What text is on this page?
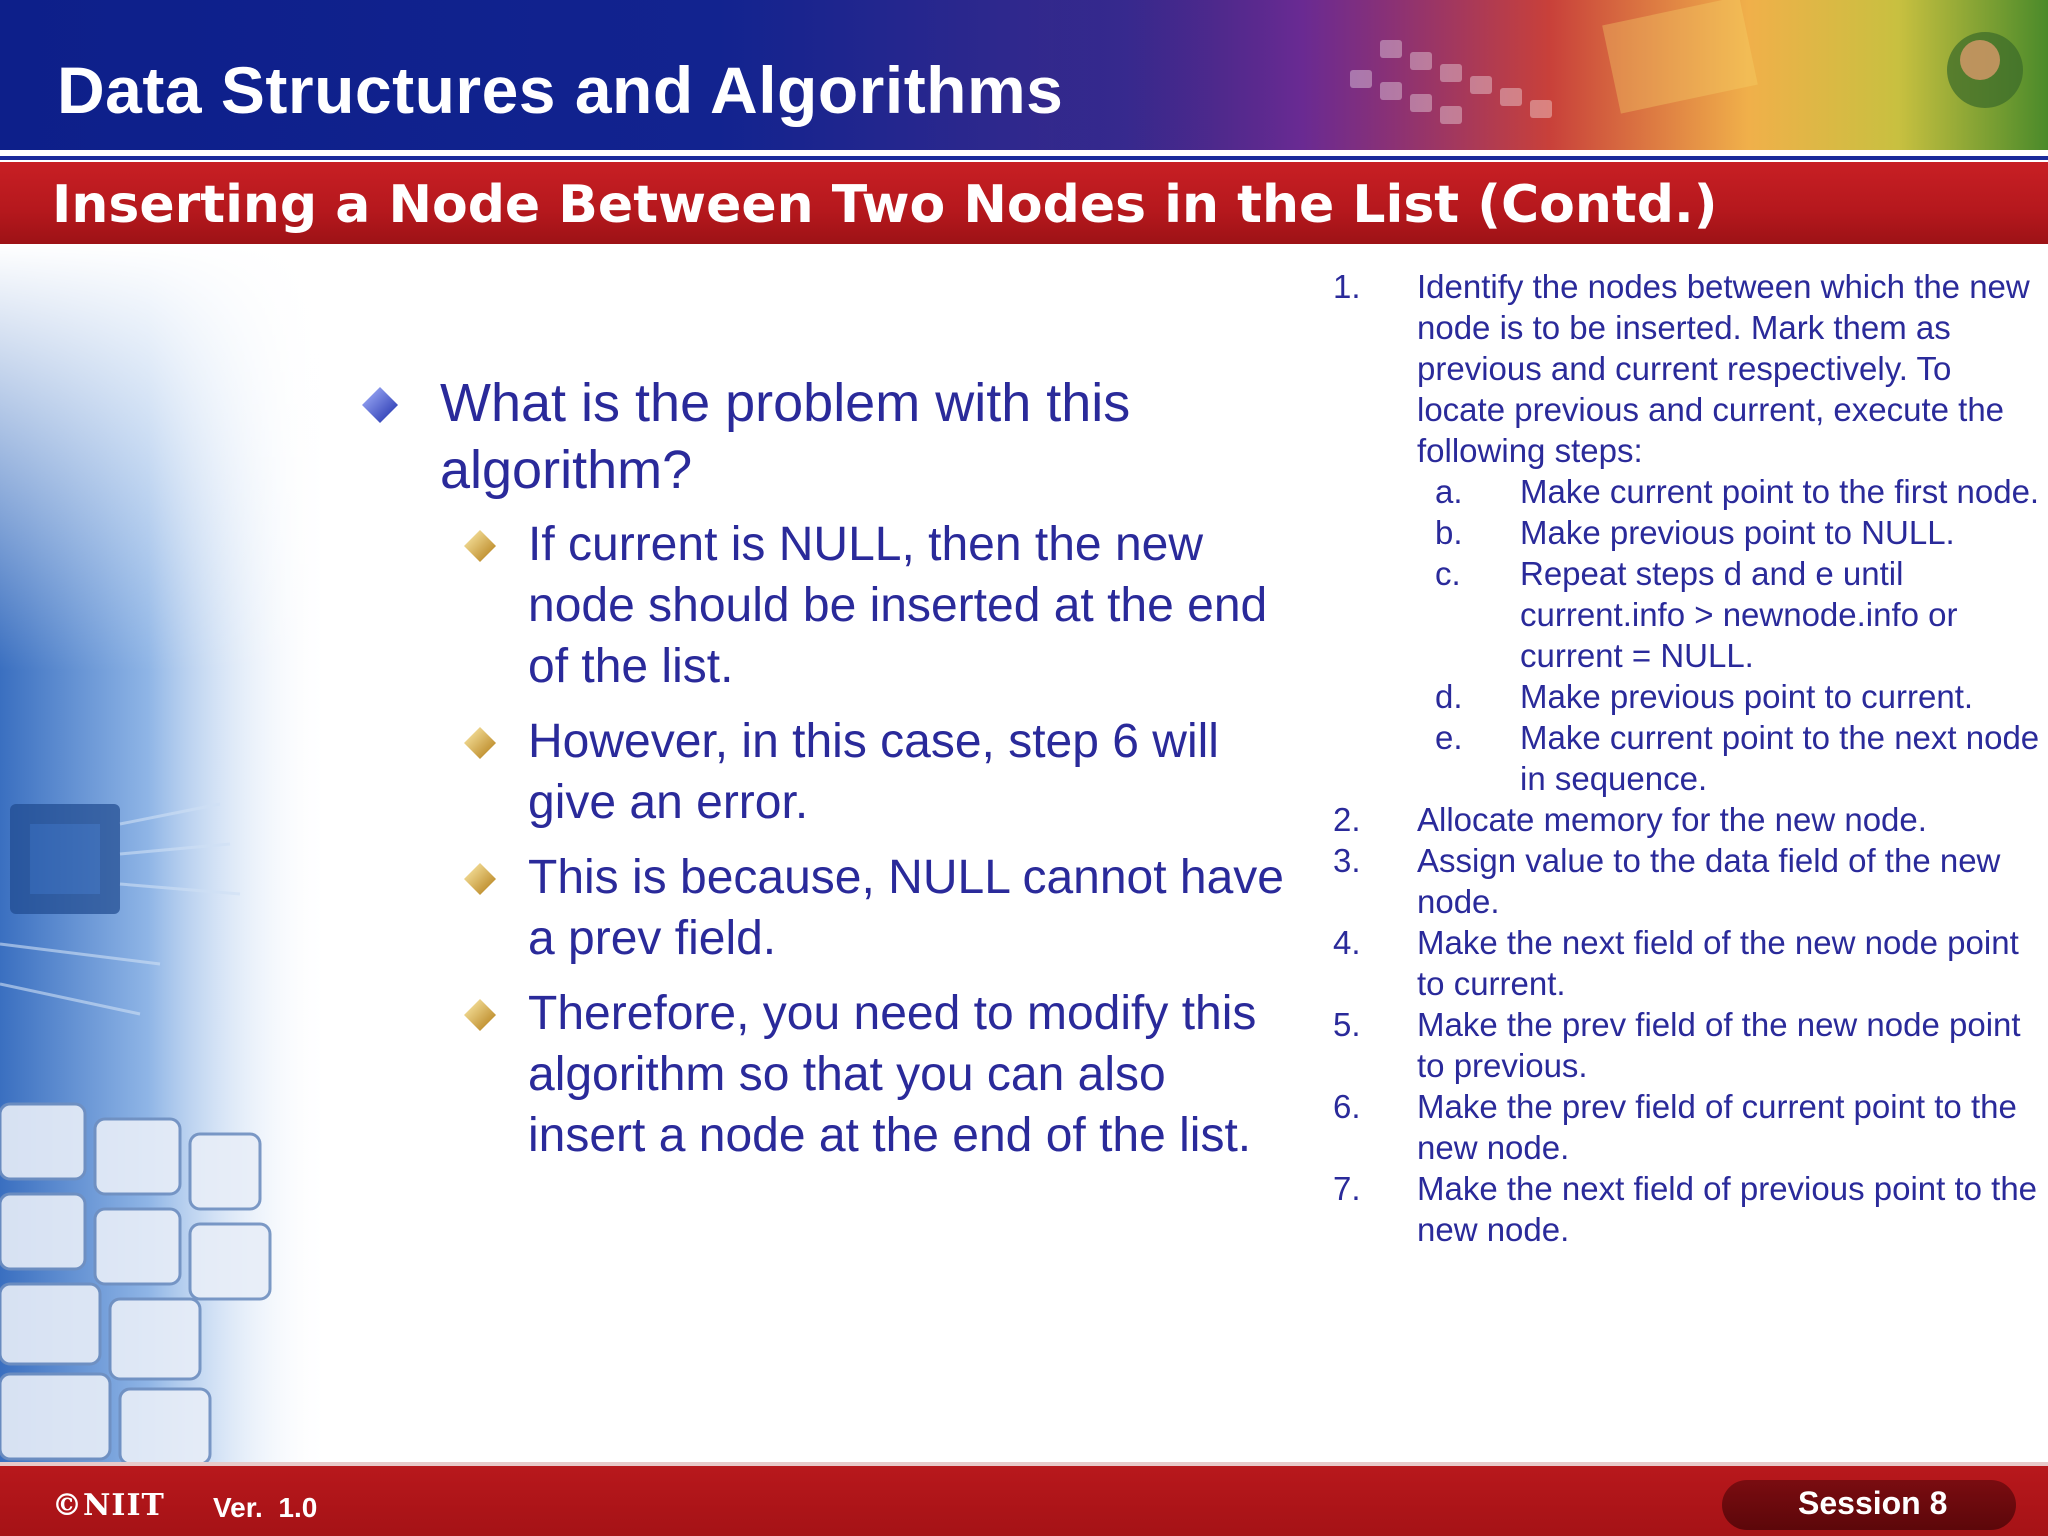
Data Structures and Algorithms
Inserting a Node Between Two Nodes in the List (Contd.)
What is the problem with this algorithm?
If current is NULL, then the new node should be inserted at the end of the list.
However, in this case, step 6 will give an error.
This is because, NULL cannot have a prev field.
Therefore, you need to modify this algorithm so that you can also insert a node at the end of the list.
1. Identify the nodes between which the new node is to be inserted. Mark them as previous and current respectively. To locate previous and current, execute the following steps:
a. Make current point to the first node.
b. Make previous point to NULL.
c. Repeat steps d and e until current.info > newnode.info or current = NULL.
d. Make previous point to current.
e. Make current point to the next node in sequence.
2. Allocate memory for the new node.
3. Assign value to the data field of the new node.
4. Make the next field of the new node point to current.
5. Make the prev field of the new node point to previous.
6. Make the prev field of current point to the new node.
7. Make the next field of previous point to the new node.
©NIIT Ver.  1.0	Session 8
